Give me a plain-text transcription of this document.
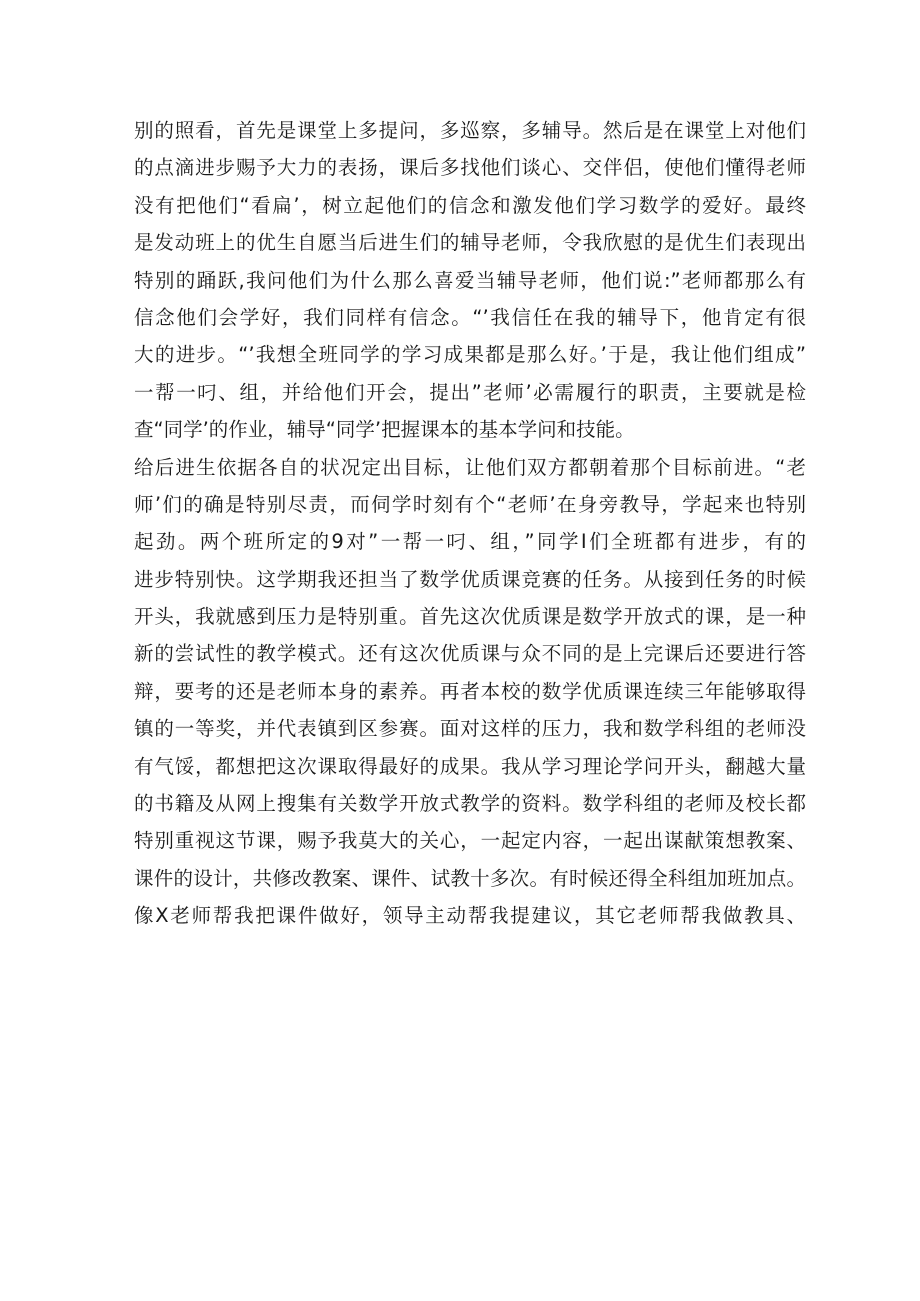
别的照看，首先是课堂上多提问，多巡察，多辅导。然后是在课堂上对他们
的点滴进步赐予大力的表扬，课后多找他们谈心、交伴侣，使他们懂得老师
没有把他们“看扁’，树立起他们的信念和激发他们学习数学的爱好。最终
是发动班上的优生自愿当后进生们的辅导老师，令我欣慰的是优生们表现出
特别的踊跃,我问他们为什么那么喜爱当辅导老师，他们说:”老师都那么有
信念他们会学好，我们同样有信念。“’我信任在我的辅导下，他肯定有很
大的进步。“’我想全班同学的学习成果都是那么好。’于是，我让他们组成”
一帮一叼、组，并给他们开会，提出”老师’必需履行的职责，主要就是检
查“同学’的作业，辅导“同学’把握课本的基本学问和技能。
给后进生依据各自的状况定出目标，让他们双方都朝着那个目标前进。“老
师’们的确是特别尽责，而伺学时刻有个“老师’在身旁教导，学起来也特别
起劲。两个班所定的9对”一帮一叼、组，”同学I们全班都有进步，有的
进步特别快。这学期我还担当了数学优质课竞赛的任务。从接到任务的时候
开头，我就感到压力是特别重。首先这次优质课是数学开放式的课，是一种
新的尝试性的教学模式。还有这次优质课与众不同的是上完课后还要进行答
辩，要考的还是老师本身的素养。再者本校的数学优质课连续三年能够取得
镇的一等奖，并代表镇到区参赛。面对这样的压力，我和数学科组的老师没
有气馁，都想把这次课取得最好的成果。我从学习理论学问开头，翻越大量
的书籍及从网上搜集有关数学开放式教学的资料。数学科组的老师及校长都
特别重视这节课，赐予我莫大的关心，一起定内容，一起出谋献策想教案、
课件的设计，共修改教案、课件、试教十多次。有时候还得全科组加班加点。
像X老师帮我把课件做好，领导主动帮我提建议，其它老师帮我做教具、
